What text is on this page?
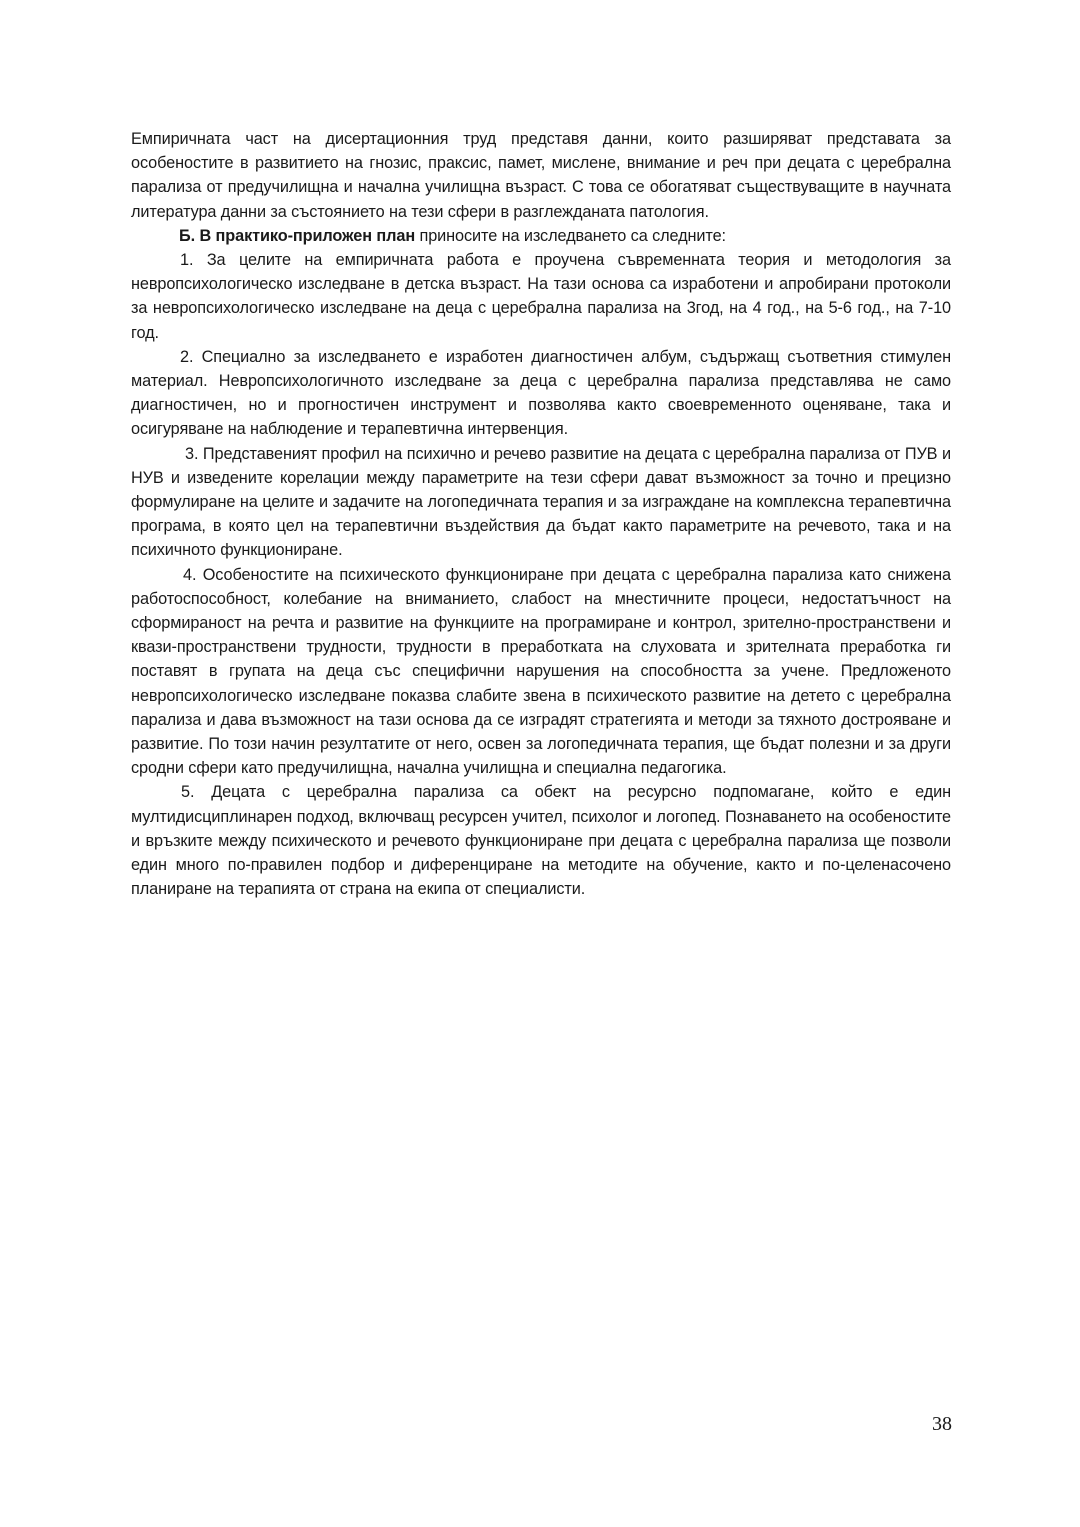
Емпиричната част на дисертационния труд представя данни, които разширяват представата за особеностите в развитието на гнозис, праксис, памет, мислене, внимание и реч при децата с церебрална парализа от предучилищна и начална училищна възраст. С това се обогатяват съществуващите в научната литература данни за състоянието на тези сфери в разглежданата патология.

Б. В практико-приложен план приносите на изследването са следните:

1. За целите на емпиричната работа е проучена съвременната теория и методология за невропсихологическо изследване в детска възраст. На тази основа са изработени и апробирани протоколи за невропсихологическо изследване на деца с церебрална парализа на 3год, на 4 год., на 5-6 год., на 7-10 год.

2. Специално за изследването е изработен диагностичен албум, съдържащ съответния стимулен материал. Невропсихологичното изследване за деца с церебрална парализа представлява не само диагностичен, но и прогностичен инструмент и позволява както своевременното оценяване, така и осигуряване на наблюдение и терапевтична интервенция.

3. Представеният профил на психично и речево развитие на децата с церебрална парализа от ПУВ и НУВ и изведените корелации между параметрите на тези сфери дават възможност за точно и прецизно формулиране на целите и задачите на логопедичната терапия и за изграждане на комплексна терапевтична програма, в която цел на терапевтични въздействия да бъдат както параметрите на речевото, така и на психичното функциониране.

4. Особеностите на психическото функциониране при децата с церебрална парализа като снижена работоспособност, колебание на вниманието, слабост на мнестичните процеси, недостатъчност на сформираност на речта и развитие на функциите на програмиране и контрол, зрително-пространствени и квази-пространствени трудности, трудности в преработката на слуховата и зрителната преработка ги поставят в групата на деца със специфични нарушения на способността за учене. Предложеното невропсихологическо изследване показва слабите звена в психическото развитие на детето с церебрална парализа и дава възможност на тази основа да се изградят стратегията и методи за тяхното дострояване и развитие. По този начин резултатите от него, освен за логопедичната терапия, ще бъдат полезни и за други сродни сфери като предучилищна, начална училищна и специална педагогика.

5. Децата с церебрална парализа са обект на ресурсно подпомагане, който е един мултидисциплинарен подход, включващ ресурсен учител, психолог и логопед. Познаването на особеностите и връзките между психическото и речевото функциониране при децата с церебрална парализа ще позволи един много по-правилен подбор и диференциране на методите на обучение, както и по-целенасочено планиране на терапията от страна на екипа от специалисти.

38
